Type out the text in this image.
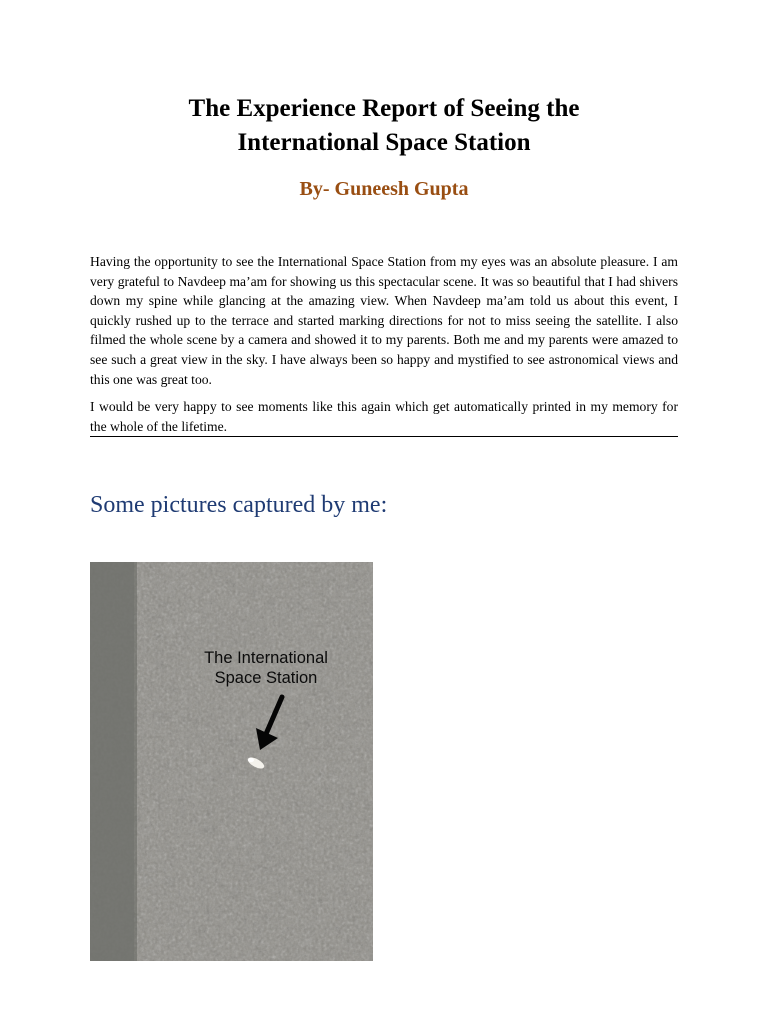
The Experience Report of Seeing the
International Space Station

By- Guneesh Gupta

Having the opportunity to see the International Space Station from my eyes was an absolute pleasure. I am very grateful to Navdeep ma’am for showing us this spectacular scene. It was so beautiful that I had shivers down my spine while glancing at the amazing view. When Navdeep ma’am told us about this event, I quickly rushed up to the terrace and started marking directions for not to miss seeing the satellite. I also filmed the whole scene by a camera and showed it to my parents. Both me and my parents were amazed to see such a great view in the sky. I have always been so happy and mystified to see astronomical views and this one was great too.

I would be very happy to see moments like this again which get automatically printed in my memory for the whole of the lifetime.

Some pictures captured by me:
The International
Space Station
